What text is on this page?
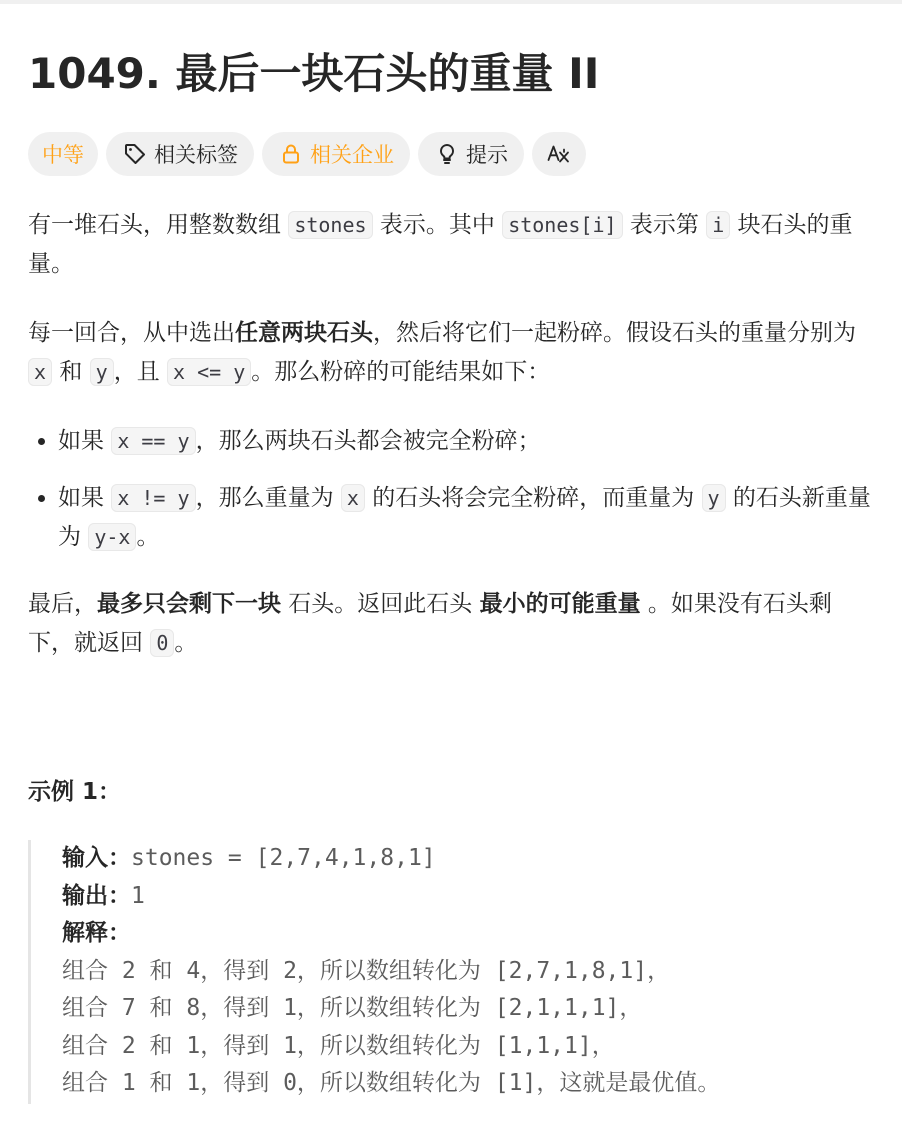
1049. 最后一块石头的重量 II
中等	相关标签	相关企业	提示

有一堆石头，用整数数组 stones 表示。其中 stones[i] 表示第 i 块石头的重量。

每一回合，从中选出任意两块石头，然后将它们一起粉碎。假设石头的重量分别为 x 和 y ，且 x <= y 。那么粉碎的可能结果如下：

• 如果 x == y ，那么两块石头都会被完全粉碎；
• 如果 x != y ，那么重量为 x 的石头将会完全粉碎，而重量为 y 的石头新重量为 y-x 。

最后，最多只会剩下一块 石头。返回此石头 最小的可能重量 。如果没有石头剩下，就返回 0 。

示例 1：
输入：stones = [2,7,4,1,8,1]
输出：1
解释：
组合 2 和 4，得到 2，所以数组转化为 [2,7,1,8,1]，
组合 7 和 8，得到 1，所以数组转化为 [2,1,1,1]，
组合 2 和 1，得到 1，所以数组转化为 [1,1,1]，
组合 1 和 1，得到 0，所以数组转化为 [1]，这就是最优值。
